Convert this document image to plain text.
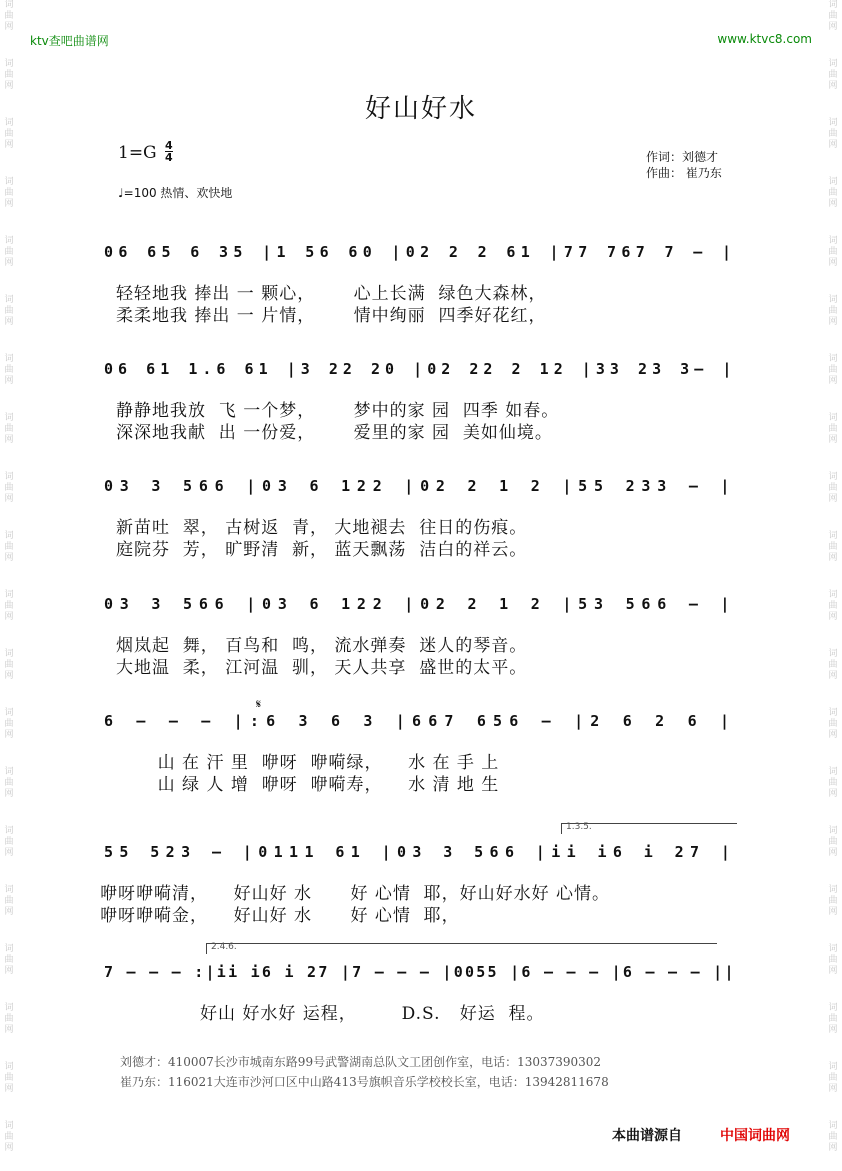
词
曲
网
词
曲
网
词
曲
网
词
曲
网
词
曲
网
词
曲
网
词
曲
网
词
曲
网
词
曲
网
词
曲
网
词
曲
网
词
曲
网
词
曲
网
词
曲
网
词
曲
网
词
曲
网
词
曲
网
词
曲
网
词
曲
网
词
曲
网
词
曲
网
词
曲
网
词
曲
网
词
曲
网
词
曲
网
词
曲
网
词
曲
网
词
曲
网
词
曲
网
词
曲
网
词
曲
网
词
曲
网
词
曲
网
词
曲
网
词
曲
网
词
曲
网
词
曲
网
词
曲
网
词
曲
网
词
曲
网
ktv查吧曲谱网	www.ktvc8.com
好山好水
$1=G \frac{4}{4}$
♩=100 热情、欢快地
作词：刘德才
作曲： 崔乃东
06 65 6 35 |1 56 60 |02 2 2 61 |77 767 7 – |
轻轻地我 捧出 一 颗心，      心上长满  绿色大森林，
柔柔地我 捧出 一 片情，      情中绚丽  四季好花红，
06 61 1.6 61 |3 22 20 |02 22 2 12 |33 23 3– |
静静地我放  飞 一个梦，      梦中的家 园  四季 如春。
深深地我献  出 一份爱，      爱里的家 园  美如仙境。
03 3 566 |03 6 122 |02 2 1 2 |55 233 – |
新苗吐  翠， 古树返  青， 大地褪去  往日的伤痕。
庭院芬  芳， 旷野清  新， 蓝天飘荡  洁白的祥云。
03 3 566 |03 6 122 |02 2 1 2 |53 566 – |
烟岚起  舞， 百鸟和  鸣， 流水弹奏  迷人的琴音。
大地温  柔， 江河温  驯， 天人共享  盛世的太平。
6 – – – |:6 3 6 3 |667 656 – |2 6 2 6 |
山 在 汗 里  咿呀  咿嗬绿，    水 在 手 上
山 绿 人 增  咿呀  咿嗬寿，    水 清 地 生
55 523 – |0111 61 |03 3 566 |ii i6 i 27 |
咿呀咿嗬清，    好山好 水      好 心情  耶，好山好水好 心情。
咿呀咿嗬金，    好山好 水      好 心情  耶，
7 – – – :|ii i6 i 27 |7 – – – |0055 |6 – – – |6 – – – ||
好山 好水好 运程，       D.S.   好运  程。
1.3.5.
2.4.6.
𝄋
刘德才：410007长沙市城南东路99号武警湖南总队文工团创作室，电话：13037390302
崔乃东：116021大连市沙河口区中山路413号旗帜音乐学校校长室，电话：13942811678
本曲谱源自	中国词曲网
